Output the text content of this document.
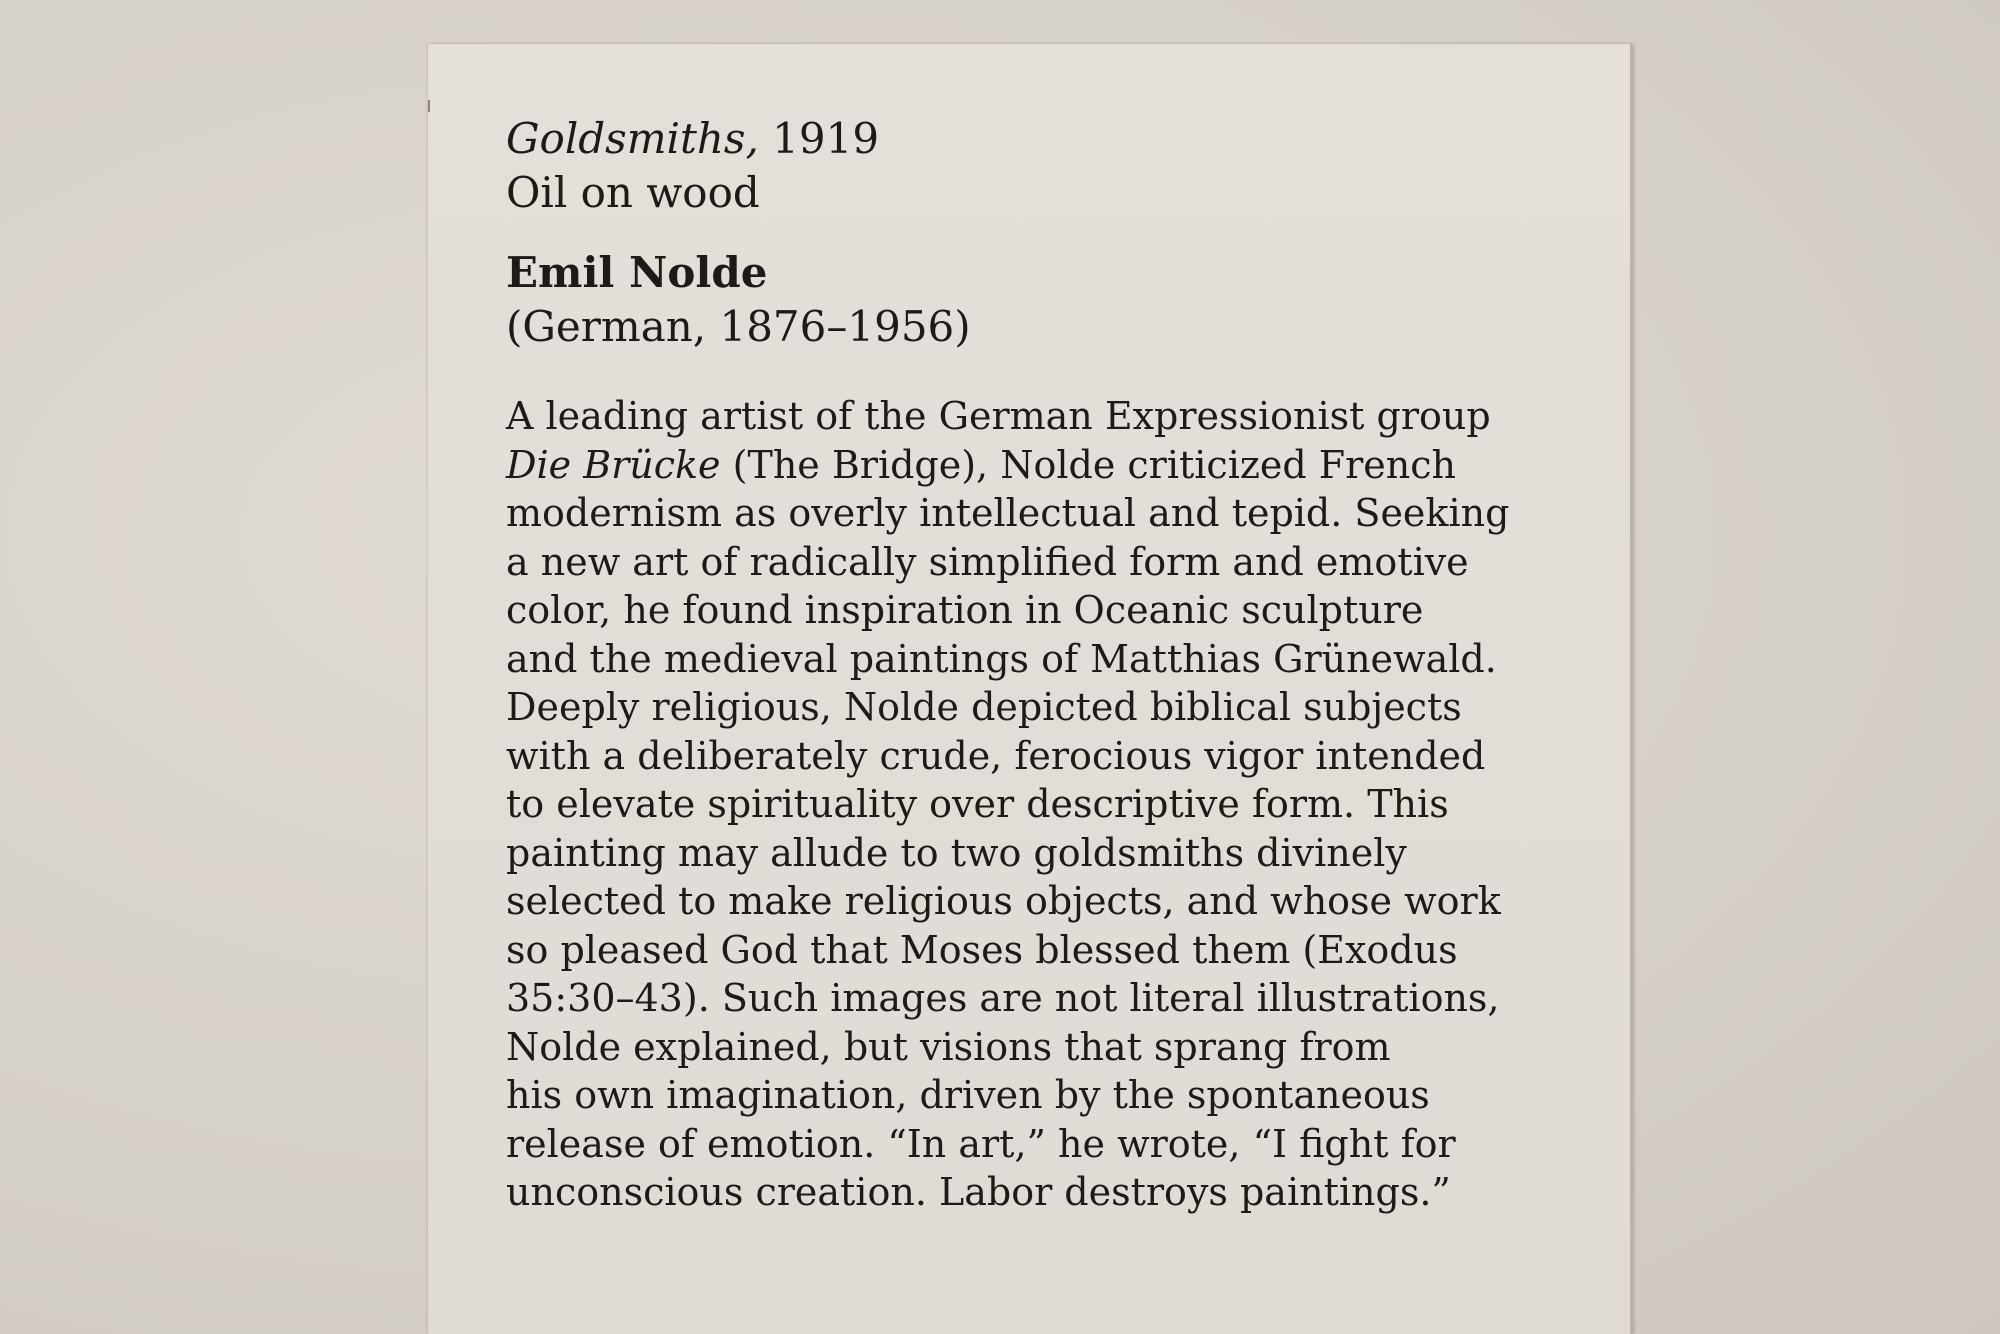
Goldsmiths, 1919

Oil on wood

Emil Nolde

(German, 1876–1956)

A leading artist of the German Expressionist group
Die Brücke (The Bridge), Nolde criticized French
modernism as overly intellectual and tepid. Seeking
a new art of radically simplified form and emotive
color, he found inspiration in Oceanic sculpture
and the medieval paintings of Matthias Grünewald.
Deeply religious, Nolde depicted biblical subjects
with a deliberately crude, ferocious vigor intended
to elevate spirituality over descriptive form. This
painting may allude to two goldsmiths divinely
selected to make religious objects, and whose work
so pleased God that Moses blessed them (Exodus
35:30–43). Such images are not literal illustrations,
Nolde explained, but visions that sprang from
his own imagination, driven by the spontaneous
release of emotion. “In art,” he wrote, “I fight for
unconscious creation. Labor destroys paintings.”
